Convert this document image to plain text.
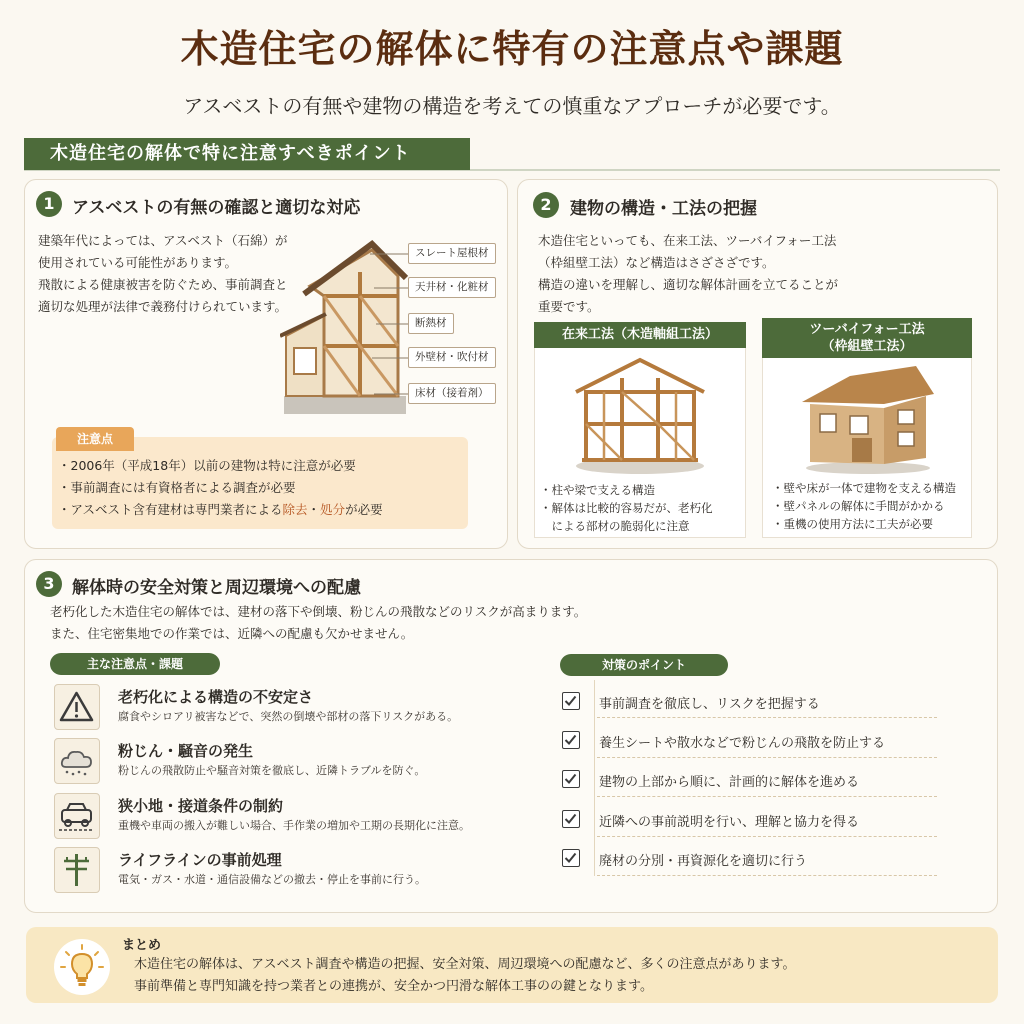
木造住宅の解体に特有の注意点や課題
アスベストの有無や建物の構造を考えての慎重なアプローチが必要です。
木造住宅の解体で特に注意すべきポイント
1	アスベストの有無の確認と適切な対応
建築年代によっては、アスベスト（石綿）が
使用されている可能性があります。
飛散による健康被害を防ぐため、事前調査と
適切な処理が法律で義務付けられています。
スレート屋根材
天井材・化粧材
断熱材
外壁材・吹付材
床材（接着剤）
注意点
・2006年（平成18年）以前の建物は特に注意が必要
・事前調査には有資格者による調査が必要
・アスベスト含有建材は専門業者による除去・処分が必要
2	建物の構造・工法の把握
木造住宅といっても、在来工法、ツーバイフォー工法
（枠組壁工法）など構造はさざさざです。
構造の違いを理解し、適切な解体計画を立てることが
重要です。
在来工法（木造軸組工法）
・柱や梁で支える構造
・解体は比較的容易だが、老朽化
　による部材の脆弱化に注意
ツーバイフォー工法
（枠組壁工法）
・壁や床が一体で建物を支える構造
・壁パネルの解体に手間がかかる
・重機の使用方法に工夫が必要
3	解体時の安全対策と周辺環境への配慮
老朽化した木造住宅の解体では、建材の落下や倒壊、粉じんの飛散などのリスクが高まります。
また、住宅密集地での作業では、近隣への配慮も欠かせません。
主な注意点・課題	対策のポイント
老朽化による構造の不安定さ
腐食やシロアリ被害などで、突然の倒壊や部材の落下リスクがある。
粉じん・騒音の発生
粉じんの飛散防止や騒音対策を徹底し、近隣トラブルを防ぐ。
狭小地・接道条件の制約
重機や車両の搬入が難しい場合、手作業の増加や工期の長期化に注意。
ライフラインの事前処理
電気・ガス・水道・通信設備などの撤去・停止を事前に行う。
事前調査を徹底し、リスクを把握する
養生シートや散水などで粉じんの飛散を防止する
建物の上部から順に、計画的に解体を進める
近隣への事前説明を行い、理解と協力を得る
廃材の分別・再資源化を適切に行う
まとめ
木造住宅の解体は、アスベスト調査や構造の把握、安全対策、周辺環境への配慮など、多くの注意点があります。
事前準備と専門知識を持つ業者との連携が、安全かつ円滑な解体工事のの鍵となります。
